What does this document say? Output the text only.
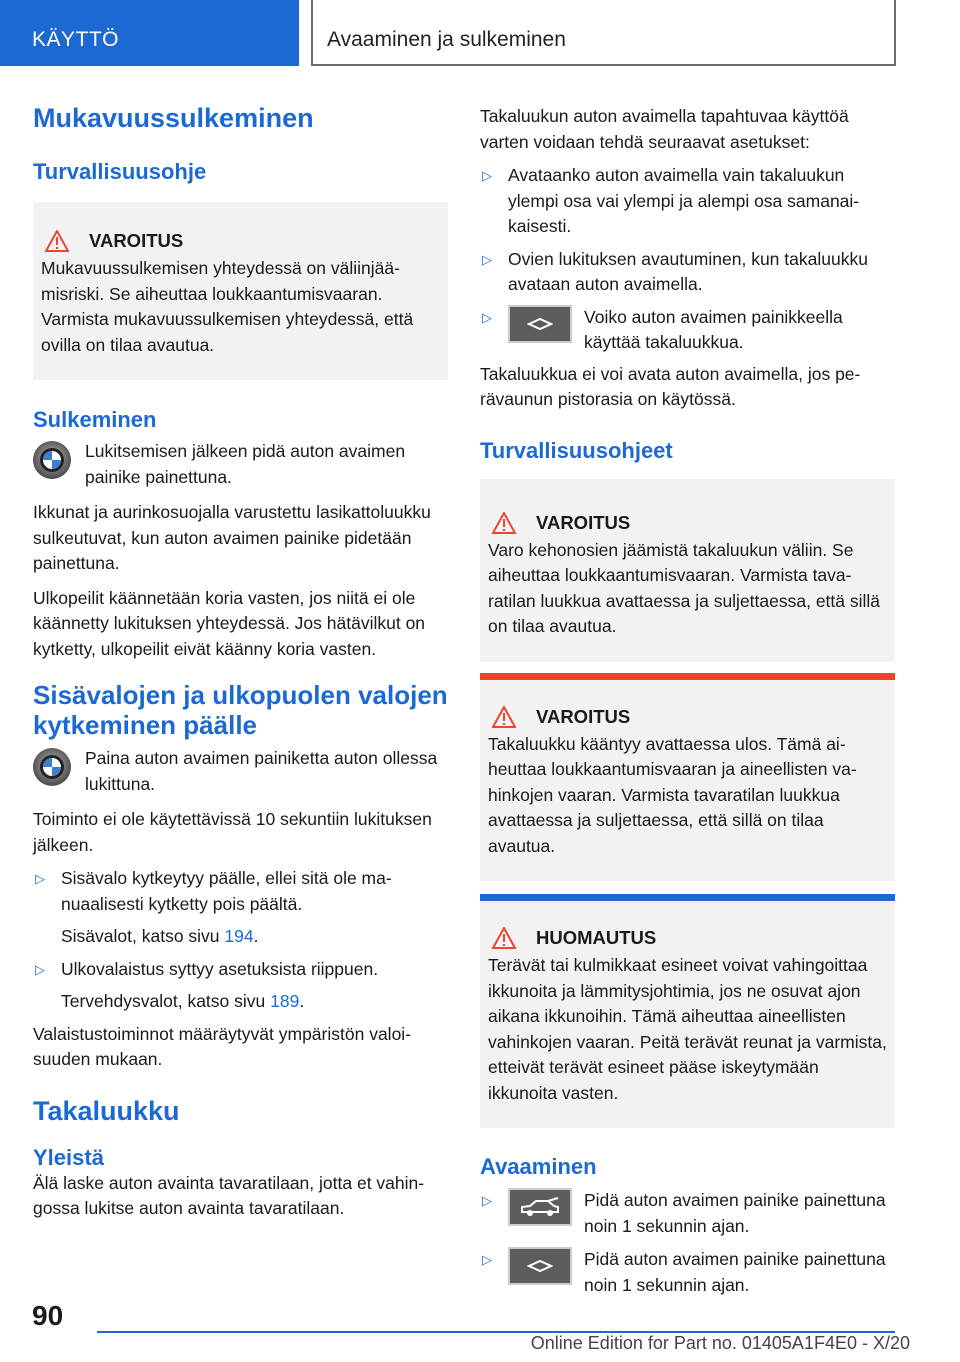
KÄYTTÖ	Avaaminen ja sulkeminen
Mukavuussulkeminen
Turvallisuusohje
VAROITUS

Mukavuussulkemisen yhteydessä on väliinjäämisriski. Se aiheuttaa loukkaantumisvaaran. Varmista mukavuussulkemisen yhteydessä, että ovilla on tilaa avautua.

Sulkeminen

Lukitsemisen jälkeen pidä auton avaimen painike painettuna.

Ikkunat ja aurinkosuojalla varustettu lasikattoluukku sulkeutuvat, kun auton avaimen painike pidetään painettuna.

Ulkopeilit käännetään koria vasten, jos niitä ei ole käännetty lukituksen yhteydessä. Jos hätävilkut on kytketty, ulkopeilit eivät käänny koria vasten.

Sisävalojen ja ulkopuolen valojen kytkeminen päälle

Paina auton avaimen painiketta auton ollessa lukittuna.

Toiminto ei ole käytettävissä 10 sekuntiin lukituksen jälkeen.

▷ Sisävalo kytkeytyy päälle, ellei sitä ole manuaalisesti kytketty pois päältä.
Sisävalot, katso sivu 194.
▷ Ulkovalaistus syttyy asetuksista riippuen.
Tervehdysvalot, katso sivu 189.

Valaistustoiminnot määräytyvät ympäristön valoisuuden mukaan.

Takaluukku
Yleistä

Älä laske auton avainta tavaratilaan, jotta et vahingossa lukitse auton avainta tavaratilaan.

Takaluukun auton avaimella tapahtuvaa käyttöä varten voidaan tehdä seuraavat asetukset:

▷ Avataanko auton avaimella vain takaluukun ylempi osa vai ylempi ja alempi osa samanaikaisesti.
▷ Ovien lukituksen avautuminen, kun takaluukku avataan auton avaimella.
▷	Voiko auton avaimen painikkeella käyttää takaluukkua.

Takaluukkua ei voi avata auton avaimella, jos perävaunun pistorasia on käytössä.

Turvallisuusohjeet
VAROITUS

Varo kehonosien jäämistä takaluukun väliin. Se aiheuttaa loukkaantumisvaaran. Varmista tavaratilan luukkua avattaessa ja suljettaessa, että sillä on tilaa avautua.

VAROITUS

Takaluukku kääntyy avattaessa ulos. Tämä aiheuttaa loukkaantumisvaaran ja aineellisten vahinkojen vaaran. Varmista tavaratilan luukkua avattaessa ja suljettaessa, että sillä on tilaa avautua.

HUOMAUTUS

Terävät tai kulmikkaat esineet voivat vahingoittaa ikkunoita ja lämmitysjohtimia, jos ne osuvat ajon aikana ikkunoihin. Tämä aiheuttaa aineellisten vahinkojen vaaran. Peitä terävät reunat ja varmista, etteivät terävät esineet pääse iskeytymään ikkunoita vasten.

Avaaminen
▷	Pidä auton avaimen painike painettuna noin 1 sekunnin ajan.
▷	Pidä auton avaimen painike painettuna noin 1 sekunnin ajan.
90
Online Edition for Part no. 01405A1F4E0 - X/20
